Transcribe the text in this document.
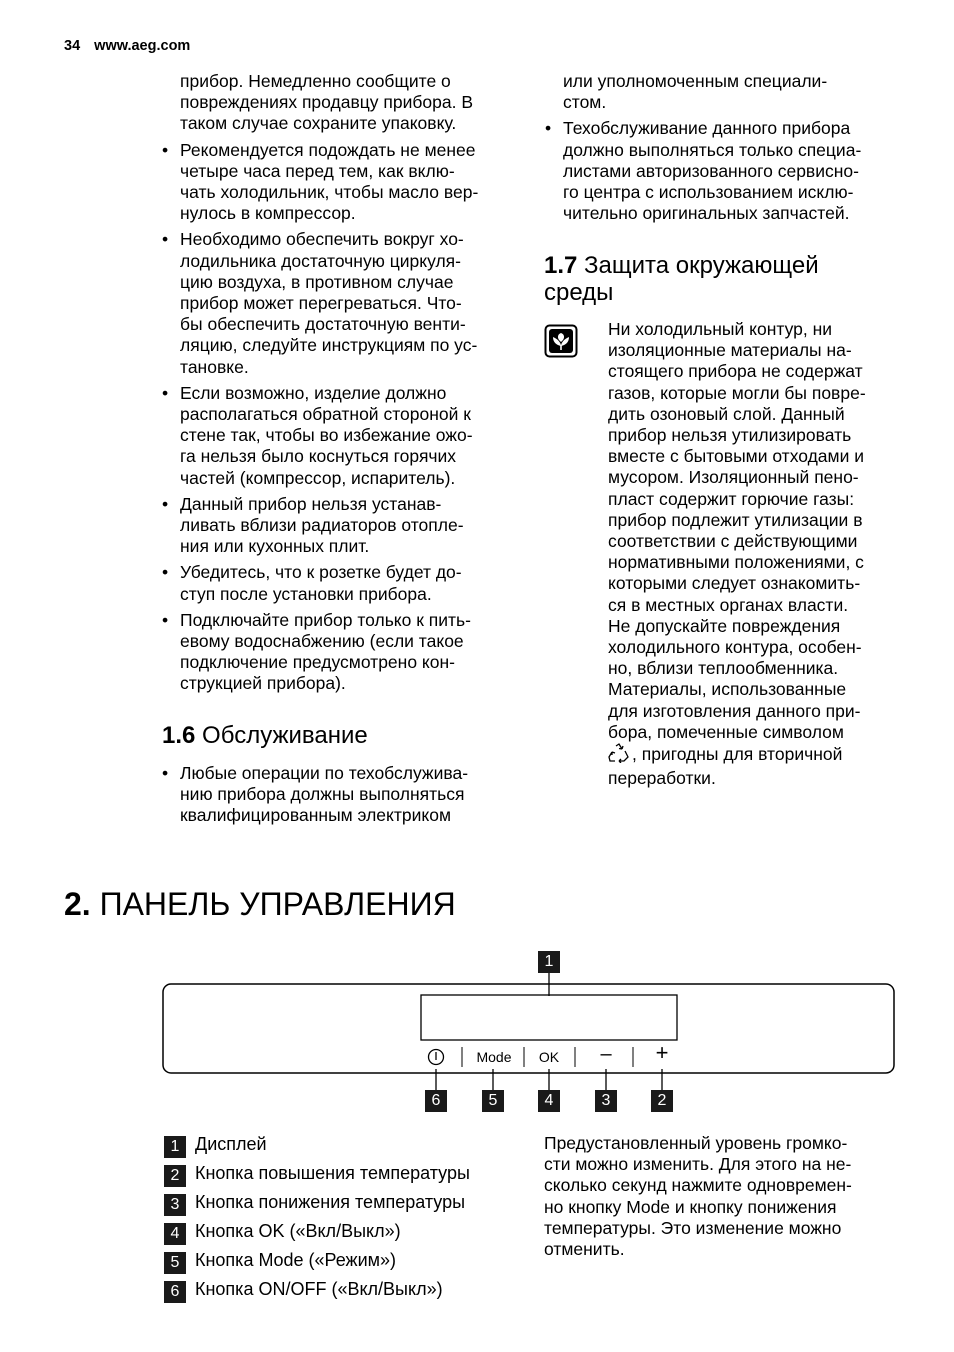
34 www.aeg.com

прибор. Немедленно сообщите о
повреждениях продавцу прибора. В
таком случае сохраните упаковку.

• Рекомендуется подождать не менее
четыре часа перед тем, как вклю-
чать холодильник, чтобы масло вер-
нулось в компрессор.
• Необходимо обеспечить вокруг хо-
лодильника достаточную циркуля-
цию воздуха, в противном случае
прибор может перегреваться. Что-
бы обеспечить достаточную венти-
ляцию, следуйте инструкциям по ус-
тановке.
• Если возможно, изделие должно
располагаться обратной стороной к
стене так, чтобы во избежание ожо-
га нельзя было коснуться горячих
частей (компрессор, испаритель).
• Данный прибор нельзя устанав-
ливать вблизи радиаторов отопле-
ния или кухонных плит.
• Убедитесь, что к розетке будет до-
ступ после установки прибора.
• Подключайте прибор только к пить-
евому водоснабжению (если такое
подключение предусмотрено кон-
струкцией прибора).
1.6 Обслуживание
• Любые операции по техобслужива-
нию прибора должны выполняться
квалифицированным электриком

или уполномоченным специали-
стом.

• Техобслуживание данного прибора
должно выполняться только специа-
листами авторизованного сервисно-
го центра с использованием исклю-
чительно оригинальных запчастей.
1.7 Защита окружающей
среды

Ни холодильный контур, ни
изоляционные материалы на-
стоящего прибора не содержат
газов, которые могли бы повре-
дить озоновый слой. Данный
прибор нельзя утилизировать
вместе с бытовыми отходами и
мусором. Изоляционный пено-
пласт содержит горючие газы:
прибор подлежит утилизации в
соответствии с действующими
нормативными положениями, с
которыми следует ознакомить-
ся в местных органах власти.
Не допускайте повреждения
холодильного контура, особен-
но, вблизи теплообменника.
Материалы, использованные
для изготовления данного при-
бора, помеченные символом
, пригодны для вторичной
переработки.

2. ПАНЕЛЬ УПРАВЛЕНИЯ
Mode OK	– +
1
6	5	4	3	2
1 Дисплей
2 Кнопка повышения температуры
3 Кнопка понижения температуры
4 Кнопка OK («Вкл/Выкл»)
5 Кнопка Mode («Режим»)
6 Кнопка ON/OFF («Вкл/Выкл»)

Предустановленный уровень громко-
сти можно изменить. Для этого на не-
сколько секунд нажмите одновремен-
но кнопку Mode и кнопку понижения
температуры. Это изменение можно
отменить.
